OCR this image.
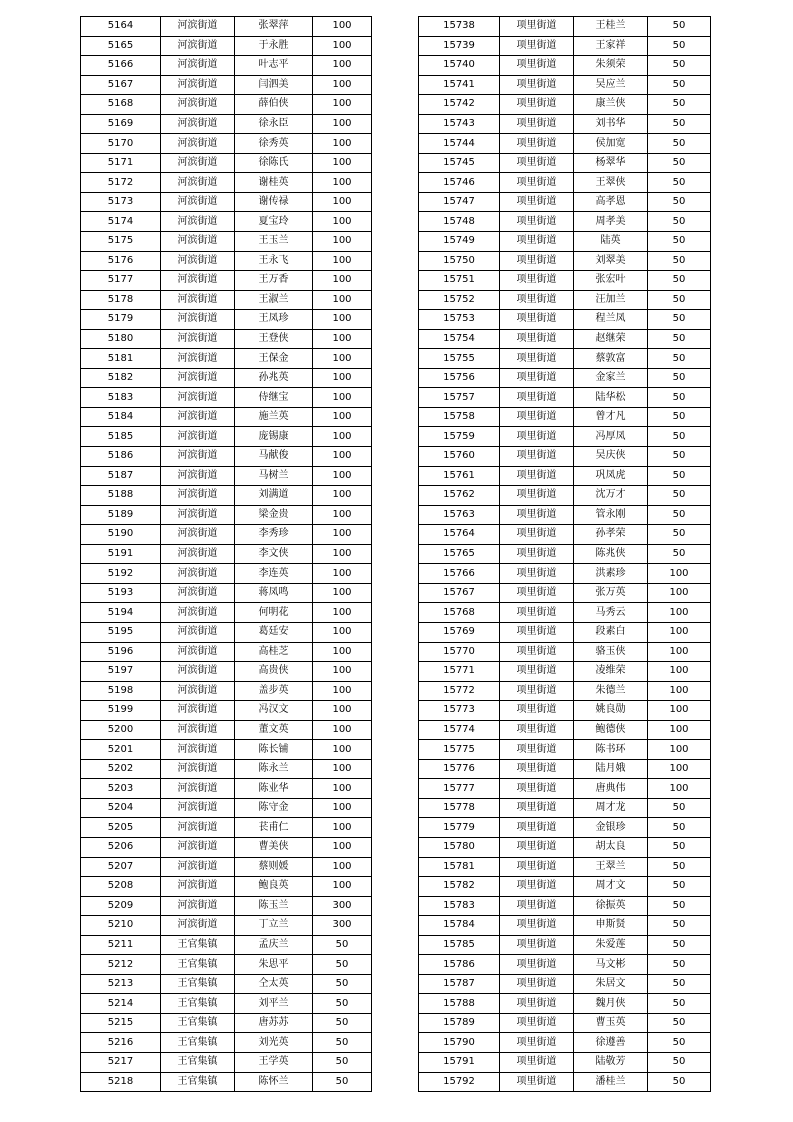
5164	河滨街道	张翠萍	100
5165	河滨街道	于永胜	100
5166	河滨街道	叶志平	100
5167	河滨街道	闫泗美	100
5168	河滨街道	薛伯侠	100
5169	河滨街道	徐永臣	100
5170	河滨街道	徐秀英	100
5171	河滨街道	徐陈氏	100
5172	河滨街道	谢桂英	100
5173	河滨街道	谢传禄	100
5174	河滨街道	夏宝玲	100
5175	河滨街道	王玉兰	100
5176	河滨街道	王永飞	100
5177	河滨街道	王万香	100
5178	河滨街道	王淑兰	100
5179	河滨街道	王凤珍	100
5180	河滨街道	王登侠	100
5181	河滨街道	王保金	100
5182	河滨街道	孙兆英	100
5183	河滨街道	侍继宝	100
5184	河滨街道	施兰英	100
5185	河滨街道	庞锡康	100
5186	河滨街道	马献俊	100
5187	河滨街道	马树兰	100
5188	河滨街道	刘满道	100
5189	河滨街道	梁金贵	100
5190	河滨街道	李秀珍	100
5191	河滨街道	李文侠	100
5192	河滨街道	李连英	100
5193	河滨街道	蒋凤鸣	100
5194	河滨街道	何明花	100
5195	河滨街道	葛廷安	100
5196	河滨街道	高桂芝	100
5197	河滨街道	高贵侠	100
5198	河滨街道	盖步英	100
5199	河滨街道	冯汉文	100
5200	河滨街道	董文英	100
5201	河滨街道	陈长铺	100
5202	河滨街道	陈永兰	100
5203	河滨街道	陈业华	100
5204	河滨街道	陈守金	100
5205	河滨街道	苌甫仁	100
5206	河滨街道	曹美侠	100
5207	河滨街道	蔡则媛	100
5208	河滨街道	鲍良英	100
5209	河滨街道	陈玉兰	300
5210	河滨街道	丁立兰	300
5211	王官集镇	孟庆兰	50
5212	王官集镇	朱思平	50
5213	王官集镇	仝太英	50
5214	王官集镇	刘平兰	50
5215	王官集镇	唐苏苏	50
5216	王官集镇	刘光英	50
5217	王官集镇	王学英	50
5218	王官集镇	陈怀兰	50
15738	项里街道	王桂兰	50
15739	项里街道	王家祥	50
15740	项里街道	朱须荣	50
15741	项里街道	吴应兰	50
15742	项里街道	康兰侠	50
15743	项里街道	刘书华	50
15744	项里街道	侯加宽	50
15745	项里街道	杨翠华	50
15746	项里街道	王翠侠	50
15747	项里街道	高孝恩	50
15748	项里街道	周孝美	50
15749	项里街道	陆英	50
15750	项里街道	刘翠美	50
15751	项里街道	张宏叶	50
15752	项里街道	汪加兰	50
15753	项里街道	程兰凤	50
15754	项里街道	赵继荣	50
15755	项里街道	蔡敦富	50
15756	项里街道	金家兰	50
15757	项里街道	陆华松	50
15758	项里街道	曾才凡	50
15759	项里街道	冯厚凤	50
15760	项里街道	吴庆侠	50
15761	项里街道	巩凤虎	50
15762	项里街道	沈万才	50
15763	项里街道	管永刚	50
15764	项里街道	孙孝荣	50
15765	项里街道	陈兆侠	50
15766	项里街道	洪素珍	100
15767	项里街道	张万英	100
15768	项里街道	马秀云	100
15769	项里街道	段素白	100
15770	项里街道	骆玉侠	100
15771	项里街道	凌维荣	100
15772	项里街道	朱德兰	100
15773	项里街道	姚良勋	100
15774	项里街道	鲍德侠	100
15775	项里街道	陈书环	100
15776	项里街道	陆月娥	100
15777	项里街道	唐典伟	100
15778	项里街道	周才龙	50
15779	项里街道	金银珍	50
15780	项里街道	胡太良	50
15781	项里街道	王翠兰	50
15782	项里街道	周才文	50
15783	项里街道	徐振英	50
15784	项里街道	申斯贤	50
15785	项里街道	朱爱莲	50
15786	项里街道	马文彬	50
15787	项里街道	朱居文	50
15788	项里街道	魏月侠	50
15789	项里街道	曹玉英	50
15790	项里街道	徐遵善	50
15791	项里街道	陆敬芳	50
15792	项里街道	潘桂兰	50
